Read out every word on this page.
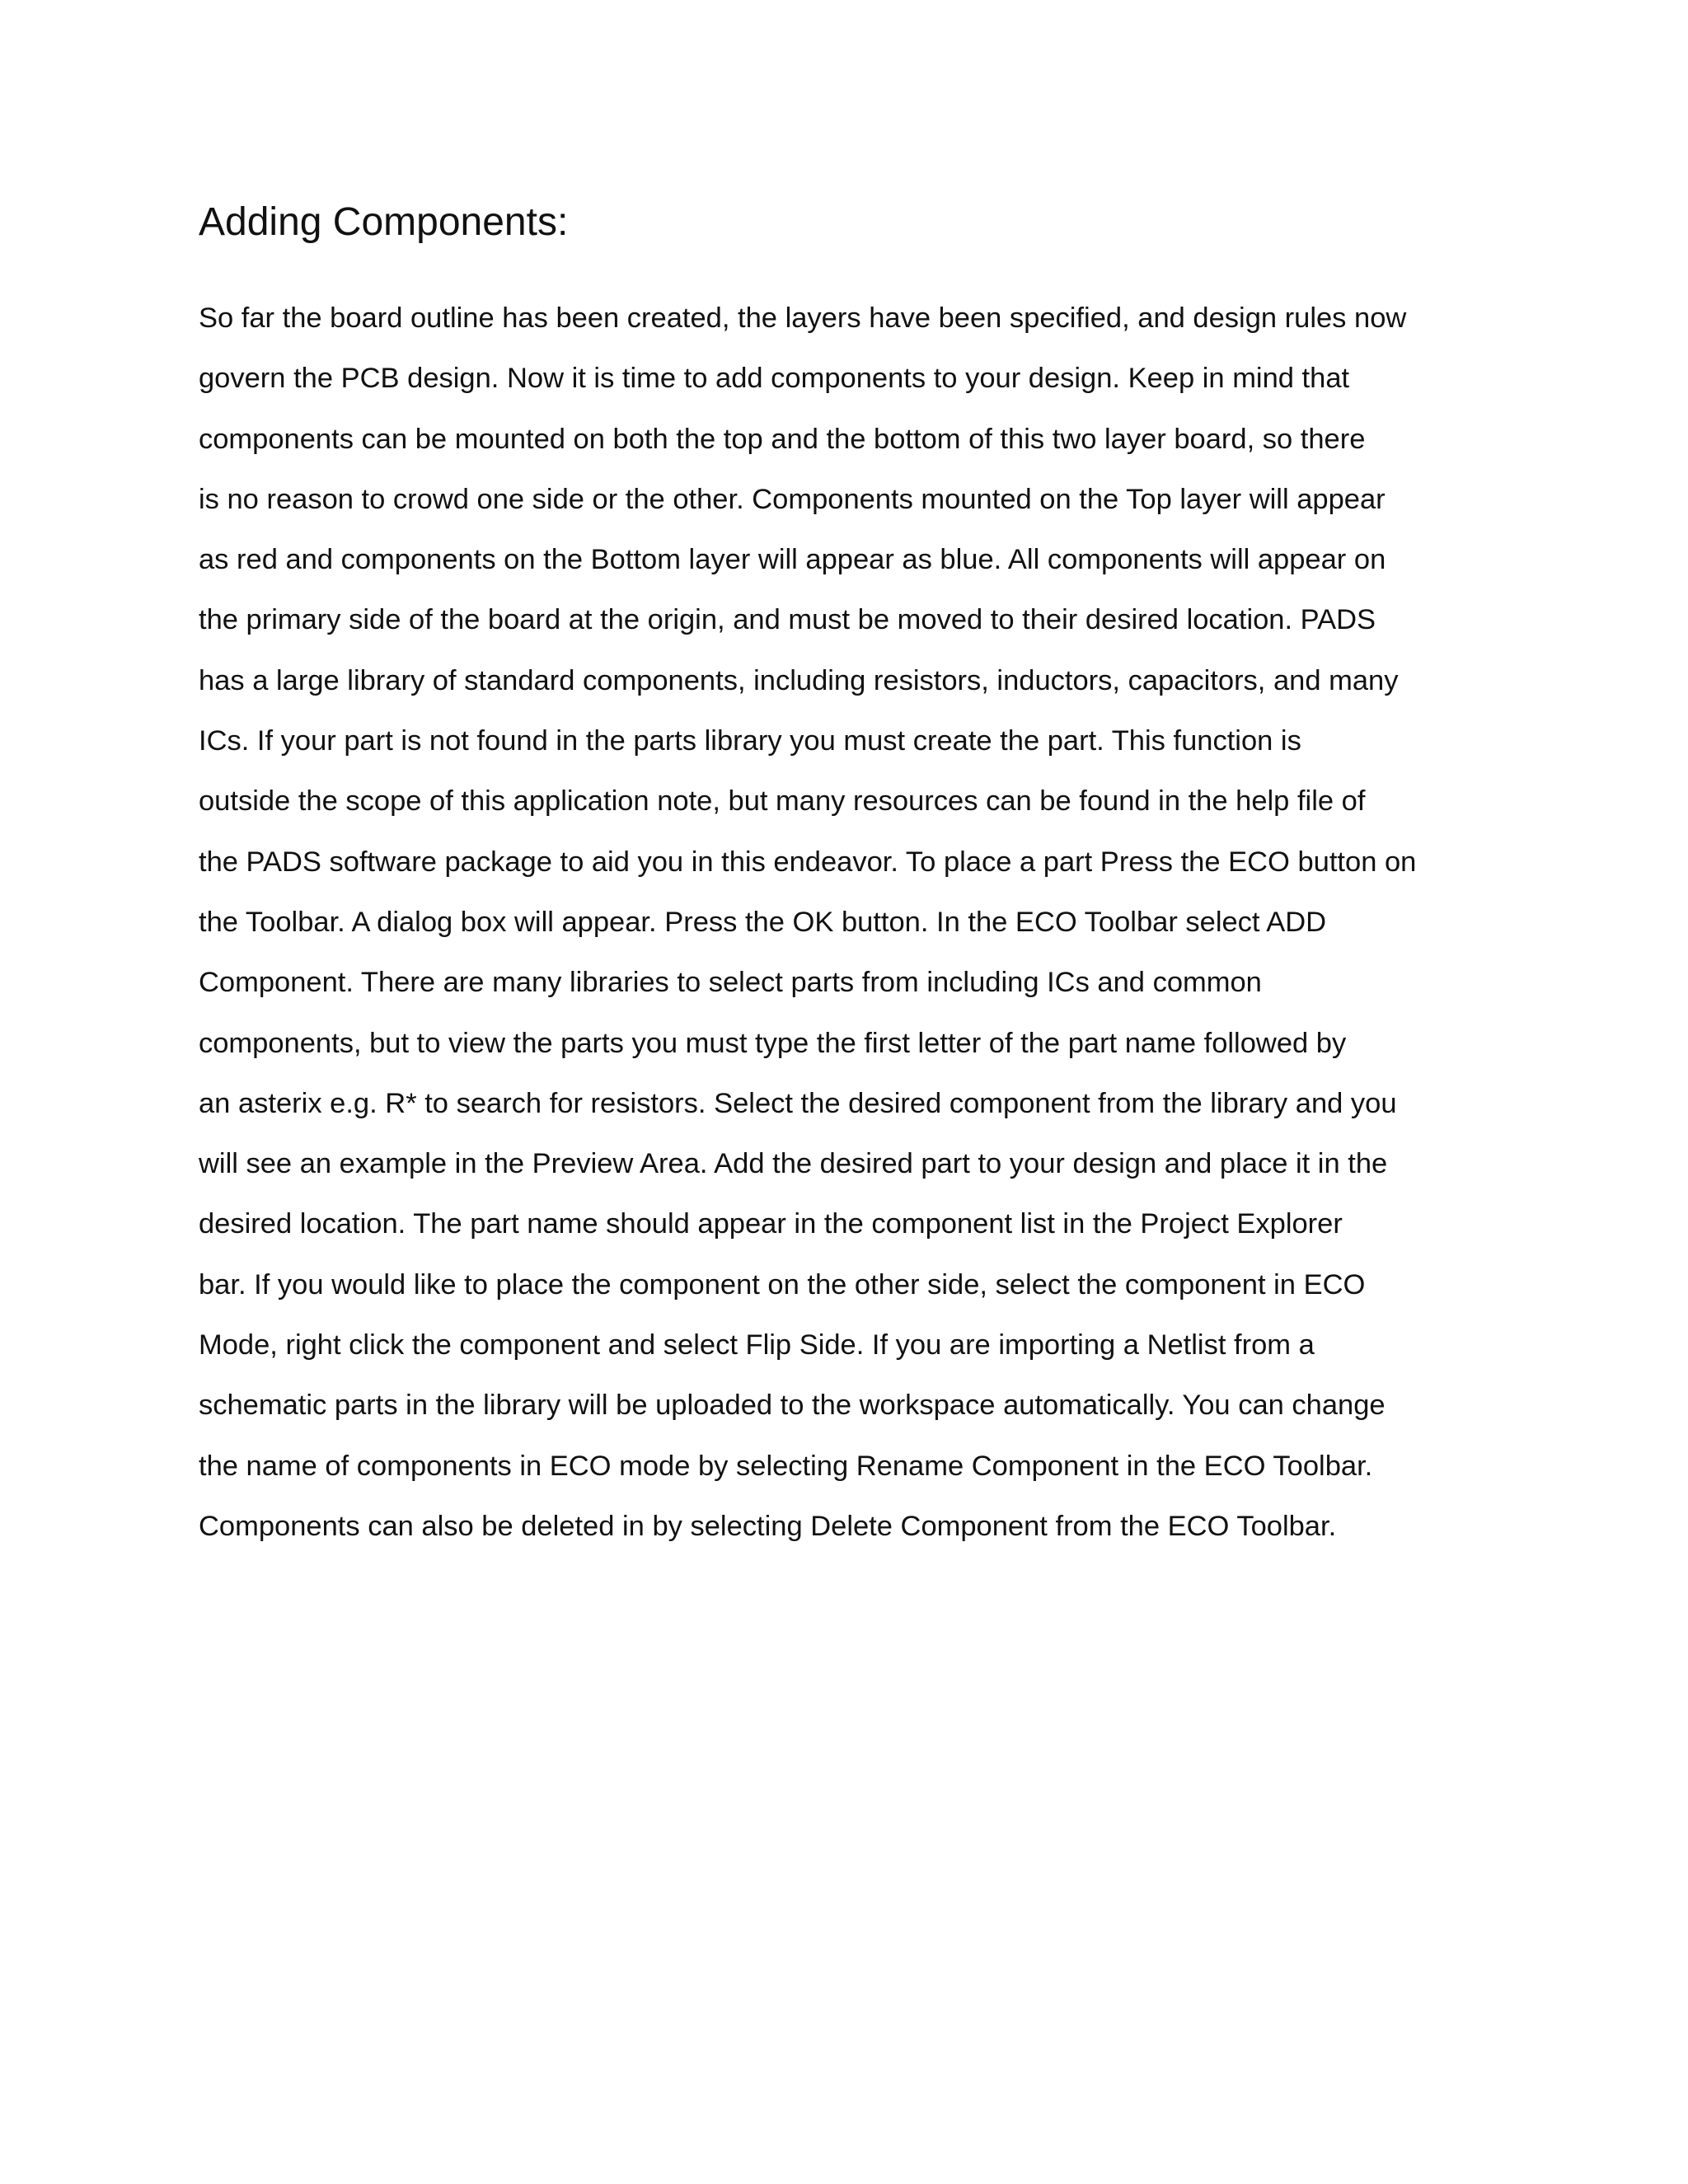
Adding Components:
So far the board outline has been created, the layers have been specified, and design rules now
govern the PCB design. Now it is time to add components to your design. Keep in mind that
components can be mounted on both the top and the bottom of this two layer board, so there
is no reason to crowd one side or the other. Components mounted on the Top layer will appear
as red and components on the Bottom layer will appear as blue. All components will appear on
the primary side of the board at the origin, and must be moved to their desired location. PADS
has a large library of standard components, including resistors, inductors, capacitors, and many
ICs. If your part is not found in the parts library you must create the part. This function is
outside the scope of this application note, but many resources can be found in the help file of
the PADS software package to aid you in this endeavor. To place a part Press the ECO button on
the Toolbar. A dialog box will appear. Press the OK button. In the ECO Toolbar select ADD
Component. There are many libraries to select parts from including ICs and common
components, but to view the parts you must type the first letter of the part name followed by
an asterix e.g. R* to search for resistors. Select the desired component from the library and you
will see an example in the Preview Area. Add the desired part to your design and place it in the
desired location. The part name should appear in the component list in the Project Explorer
bar. If you would like to place the component on the other side, select the component in ECO
Mode, right click the component and select Flip Side. If you are importing a Netlist from a
schematic parts in the library will be uploaded to the workspace automatically. You can change
the name of components in ECO mode by selecting Rename Component in the ECO Toolbar.
Components can also be deleted in by selecting Delete Component from the ECO Toolbar.
